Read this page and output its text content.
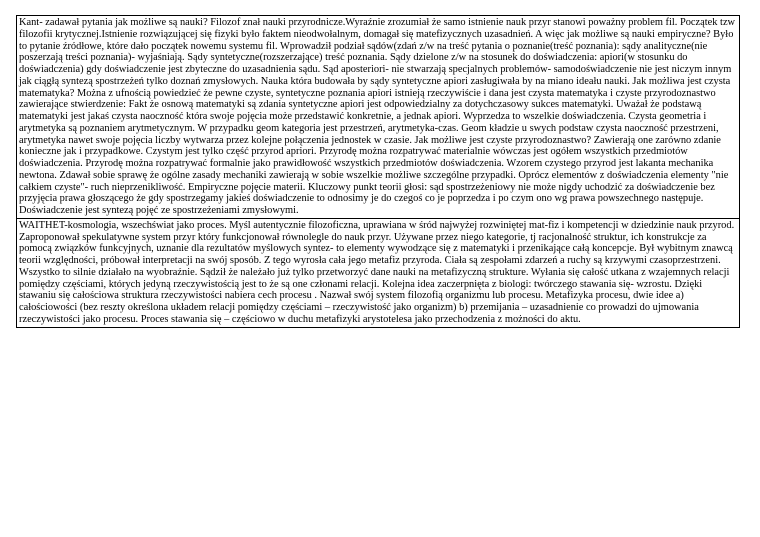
Kant- zadawał pytania jak możliwe są nauki? Filozof znał nauki przyrodnicze.Wyraźnie zrozumiał że samo istnienie nauk przyr stanowi poważny problem fil. Początek tzw filozofii krytycznej.Istnienie rozwiązującej się fizyki było faktem nieodwołalnym, domagał się matefizycznych uzasadnień. A więc jak możliwe są nauki empiryczne? Było to pytanie źródłowe, które dało początek nowemu systemu fil. Wprowadził podział sądów(zdań z/w na treść pytania o poznanie(treść poznania): sądy analityczne(nie poszerzają treści poznania)- wyjaśniają. Sądy syntetyczne(rozszerzające) treść poznania. Sądy dzielone z/w na stosunek do doświadczenia: apiori(w stosunku do doświadczenia) gdy doświadczenie jest zbyteczne do uzasadnienia sądu. Sąd aposteriori- nie stwarzają specjalnych problemów- samodoświadczenie nie jest niczym innym jak ciągłą syntezą spostrzeżeń tylko doznań zmysłowych. Nauka która budowała by sądy syntetyczne apiori zasługiwała by na miano ideału nauki. Jak możliwa jest czysta matematyka? Można z ufnością powiedzieć że pewne czyste, syntetyczne poznania apiori istnieją rzeczywiście i dana jest czysta matematyka i czyste przyrodoznastwo zawierające stwierdzenie: Fakt że osnową matematyki są zdania syntetyczne apiori jest odpowiedzialny za dotychczasowy sukces matematyki. Uważał że podstawą matematyki jest jakaś czysta naoczność która swoje pojęcia może przedstawić konkretnie, a jednak apiori. Wyprzedza to wszelkie doświadczenia. Czysta geometria i arytmetyka są poznaniem arytmetycznym. W przypadku geom kategoria jest przestrzeń, arytmetyka-czas. Geom kładzie u swych podstaw czysta naoczność przestrzeni, arytmetyka nawet swoje pojęcia liczby wytwarza przez kolejne połączenia jednostek w czasie. Jak możliwe jest czyste przyrodoznastwo? Zawierają one zarówno zdanie konieczne jak i przypadkowe. Czystym jest tylko część przyrod apriori. Przyrodę można rozpatrywać materialnie wówczas jest ogółem wszystkich przedmiotów doświadczenia. Przyrodę można rozpatrywać formalnie jako prawidłowość wszystkich przedmiotów doświadczenia. Wzorem czystego przyrod jest lakanta mechanika newtona. Zdawał sobie sprawę że ogólne zasady mechaniki zawierają w sobie wszelkie możliwe szczególne przypadki. Oprócz elementów z doświadczenia elementy "nie całkiem czyste"- ruch nieprzenikliwość. Empiryczne pojęcie materii. Kluczowy punkt teorii głosi: sąd spostrzeżeniowy nie może nigdy uchodzić za doświadczenie bez przyjęcia prawa głoszącego że gdy spostrzegamy jakieś doświadczenie to odnosimy je do czegoś co je poprzedza i po czym ono wg prawa powszechnego następuje. Doświadczenie jest syntezą pojęć ze spostrzeżeniami zmysłowymi.
WAITHET-kosmologia, wszechświat jako proces. Myśl autentycznie filozoficzna, uprawiana w śród najwyżej rozwiniętej mat-fiz i kompetencji w dziedzinie nauk przyrod. Zaproponował spekulatywne system przyr który funkcjonował równolegle do nauk przyr. Używane przez niego kategorie, tj racjonalność struktur, ich konstrukcje za pomocą związków funkcyjnych, uznanie dla rezultatów myślowych syntez- to elementy wywodzące się z matematyki i przenikające całą koncepcje. Był wybitnym znawcą teorii względności, próbował interpretacji na swój sposób. Z tego wyrosła cała jego metafiz przyroda. Ciała są zespołami zdarzeń a ruchy są krzywymi czasoprzestrzeni. Wszystko to silnie działało na wyobraźnie. Sądził że należało już tylko przetworzyć dane nauki na metafizyczną strukture. Wyłania się całość utkana z wzajemnych relacji pomiędzy częściami, których jedyną rzeczywistością jest to że są one członami relacji. Kolejna idea zaczerpnięta z biologi: twórczego stawania się- wzrostu. Dzięki stawaniu się całościowa struktura rzeczywistości nabiera cech procesu . Nazwał swój system filozofią organizmu lub procesu. Metafizyka procesu, dwie idee a) całościowości (bez reszty określona układem relacji pomiędzy częściami – rzeczywistość jako organizm) b) przemijania – uzasadnienie co prowadzi do ujmowania rzeczywistości jako procesu. Proces stawania się – częściowo w duchu metafizyki arystotelesa jako przechodzenia z możności do aktu.
